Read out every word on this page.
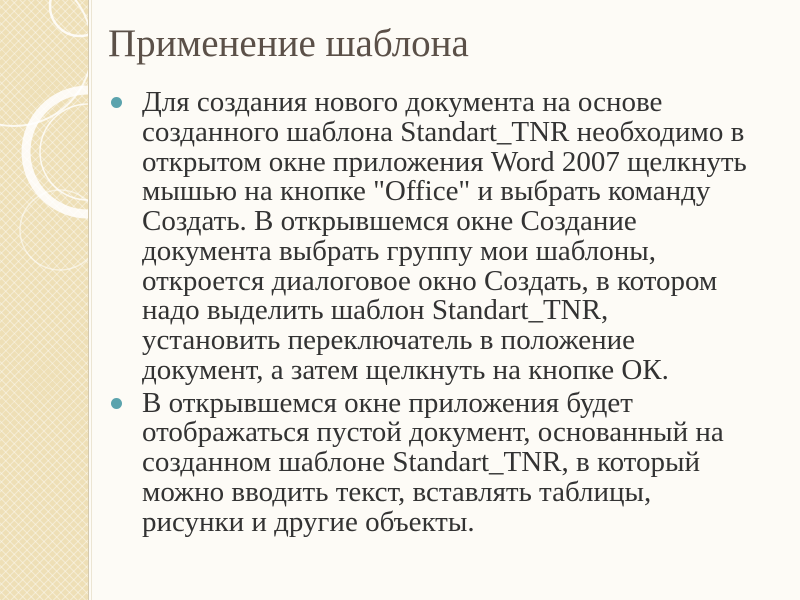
Применение шаблона
Для создания нового документа на основе
созданного шаблона Standart_TNR необходимо в
открытом окне приложения Word 2007 щелкнуть
мышью на кнопке "Office" и выбрать команду
Создать. В открывшемся окне Создание
документа выбрать группу мои шаблоны,
откроется диалоговое окно Создать, в котором
надо выделить шаблон Standart_TNR,
установить переключатель в положение
документ, а затем щелкнуть на кнопке ОК.
В открывшемся окне приложения будет
отображаться пустой документ, основанный на
созданном шаблоне Standart_TNR, в который
можно вводить текст, вставлять таблицы,
рисунки и другие объекты.
